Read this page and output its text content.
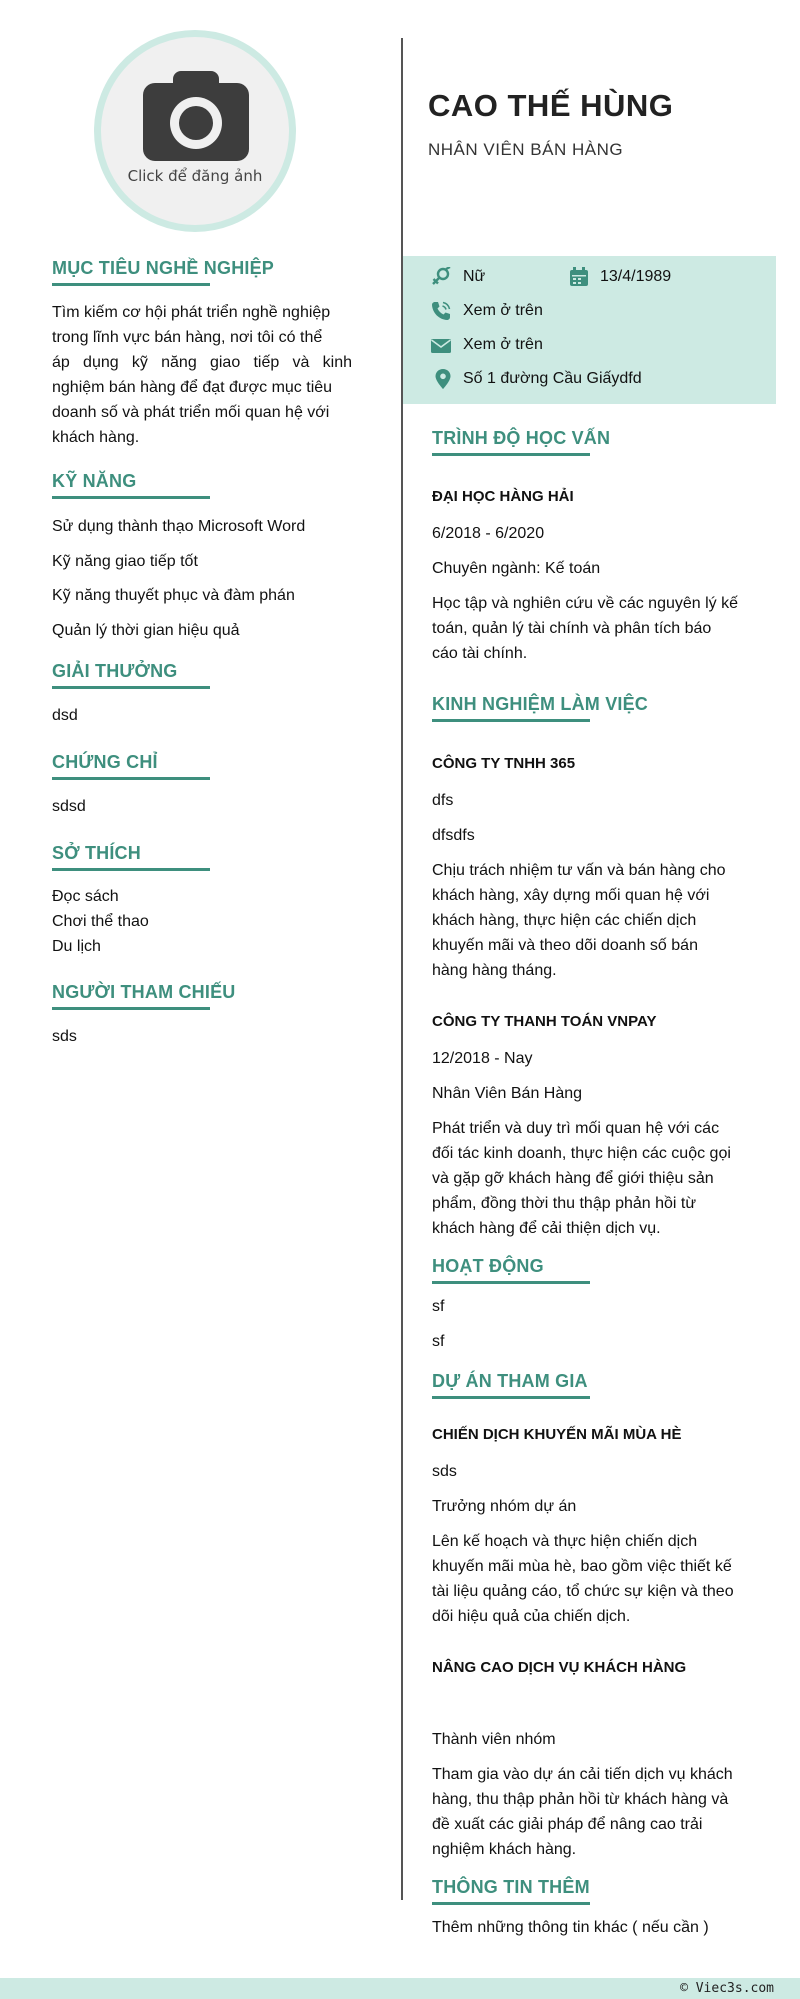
Click để đăng ảnh
CAO THẾ HÙNG
NHÂN VIÊN BÁN HÀNG
Nữ	13/4/1989
Xem ở trên
Xem ở trên
Số 1 đường Cầu Giấydfd
MỤC TIÊU NGHỀ NGHIỆP
Tìm kiếm cơ hội phát triển nghề nghiệp
trong lĩnh vực bán hàng, nơi tôi có thể
áp dụng kỹ năng giao tiếp và kinh
nghiệm bán hàng để đạt được mục tiêu
doanh số và phát triển mối quan hệ với
khách hàng.
KỸ NĂNG
Sử dụng thành thạo Microsoft Word
Kỹ năng giao tiếp tốt
Kỹ năng thuyết phục và đàm phán
Quản lý thời gian hiệu quả
GIẢI THƯỞNG
dsd
CHỨNG CHỈ
sdsd
SỞ THÍCH
Đọc sách
Chơi thể thao
Du lịch
NGƯỜI THAM CHIẾU
sds
TRÌNH ĐỘ HỌC VẤN
ĐẠI HỌC HÀNG HẢI
6/2018 - 6/2020
Chuyên ngành: Kế toán
Học tập và nghiên cứu về các nguyên lý kế
toán, quản lý tài chính và phân tích báo
cáo tài chính.
KINH NGHIỆM LÀM VIỆC
CÔNG TY TNHH 365
dfs
dfsdfs
Chịu trách nhiệm tư vấn và bán hàng cho
khách hàng, xây dựng mối quan hệ với
khách hàng, thực hiện các chiến dịch
khuyến mãi và theo dõi doanh số bán
hàng hàng tháng.
CÔNG TY THANH TOÁN VNPAY
12/2018 - Nay
Nhân Viên Bán Hàng
Phát triển và duy trì mối quan hệ với các
đối tác kinh doanh, thực hiện các cuộc gọi
và gặp gỡ khách hàng để giới thiệu sản
phẩm, đồng thời thu thập phản hồi từ
khách hàng để cải thiện dịch vụ.
HOẠT ĐỘNG
sf
sf
DỰ ÁN THAM GIA
CHIẾN DỊCH KHUYẾN MÃI MÙA HÈ
sds
Trưởng nhóm dự án
Lên kế hoạch và thực hiện chiến dịch
khuyến mãi mùa hè, bao gồm việc thiết kế
tài liệu quảng cáo, tổ chức sự kiện và theo
dõi hiệu quả của chiến dịch.
NÂNG CAO DỊCH VỤ KHÁCH HÀNG
Thành viên nhóm
Tham gia vào dự án cải tiến dịch vụ khách
hàng, thu thập phản hồi từ khách hàng và
đề xuất các giải pháp để nâng cao trải
nghiệm khách hàng.
THÔNG TIN THÊM
Thêm những thông tin khác ( nếu cần )
© Viec3s.com
